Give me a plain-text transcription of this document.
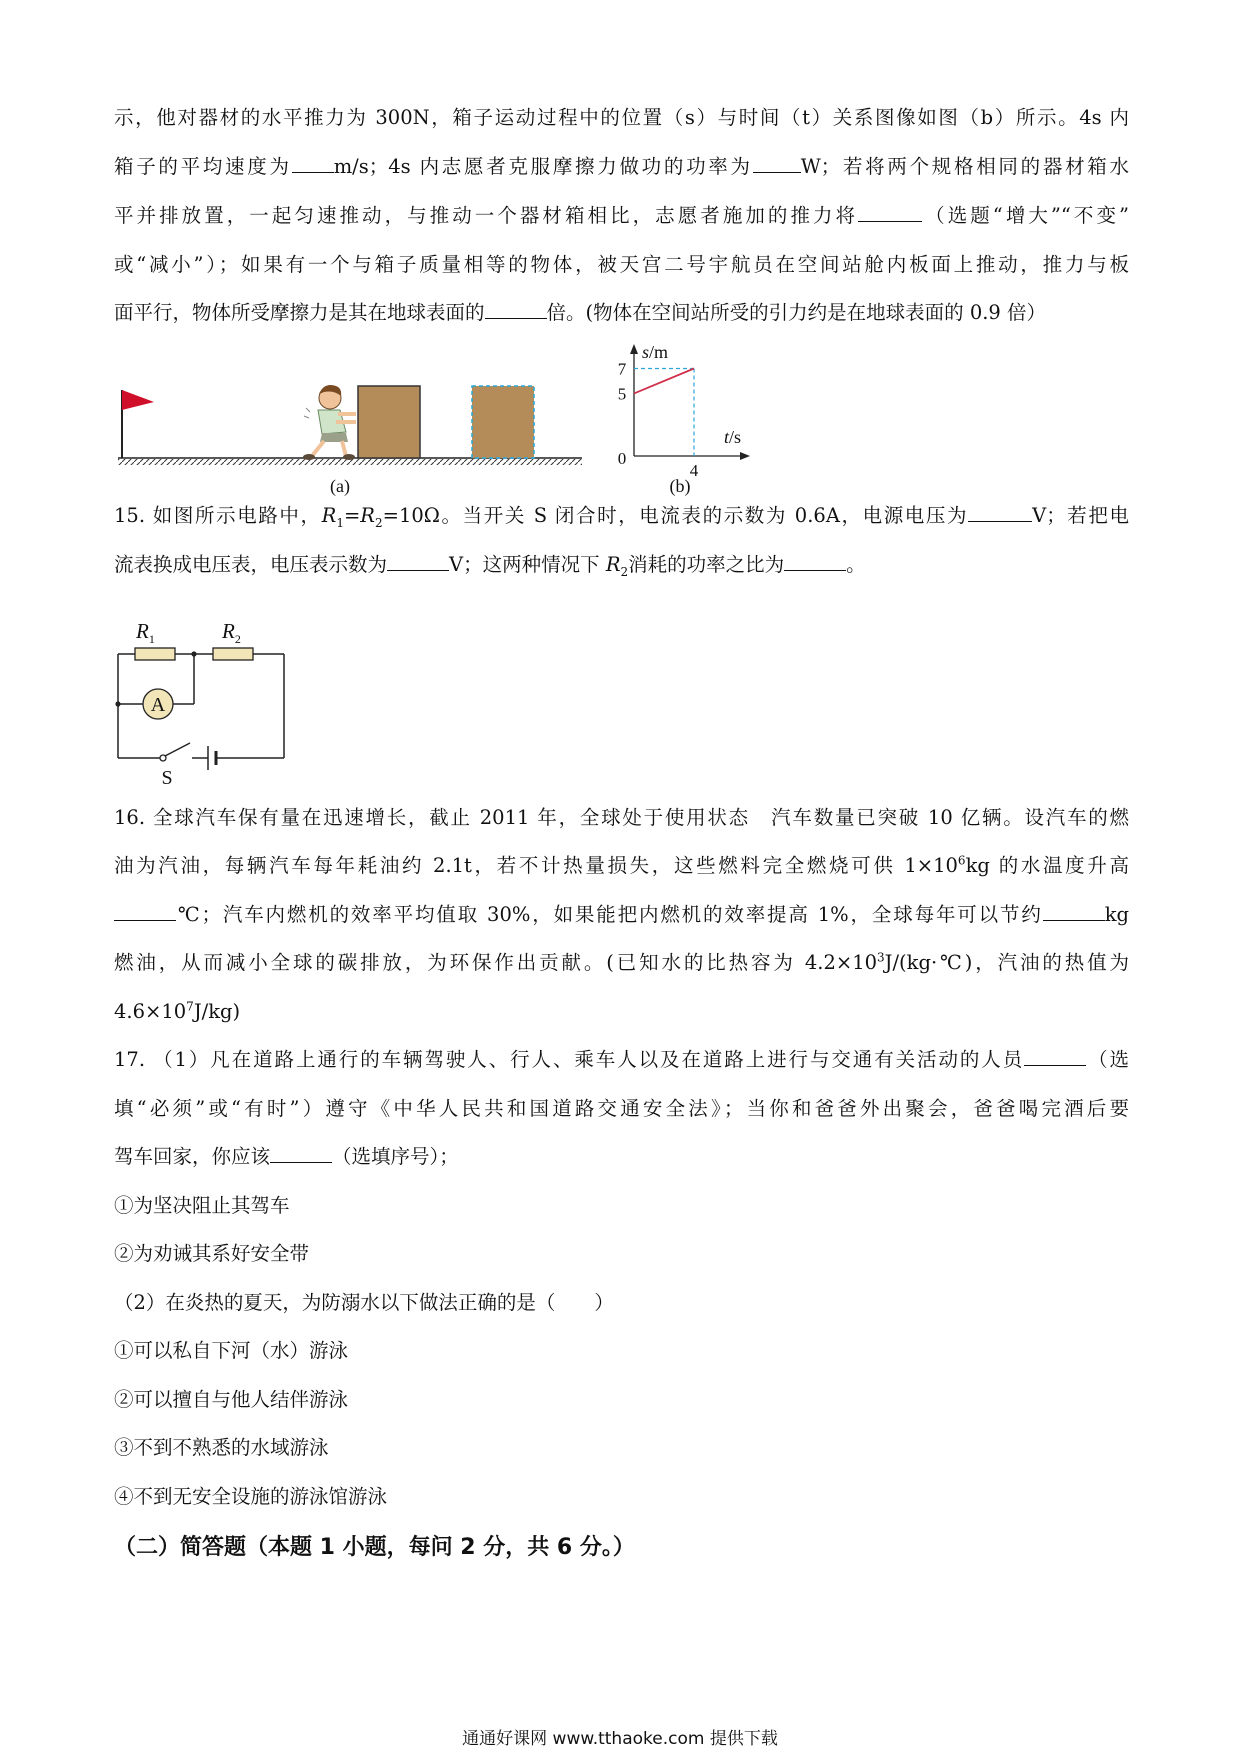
示，他对器材的水平推力为 300N，箱子运动过程中的位置（s）与时间（t）关系图像如图（b）所示。4s 内
箱子的平均速度为 m/s；4s 内志愿者克服摩擦力做功的功率为 W；若将两个规格相同的器材箱水
平并排放置，一起匀速推动，与推动一个器材箱相比，志愿者施加的推力将	（选题“增大”“不变”
或“减小”）；如果有一个与箱子质量相等的物体，被天宫二号宇航员在空间站舱内板面上推动，推力与板
面平行，物体所受摩擦力是其在地球表面的	倍。(物体在空间站所受的引力约是在地球表面的 0.9 倍）
(a)
s/m
t/s
0
5
7
4
(b)
15. 如图所示电路中，$R_1=R_2=10\Omega$。当开关 S 闭合时，电流表的示数为 0.6A，电源电压为	V；若把电
流表换成电压表，电压表示数为	V；这两种情况下 $R_2$消耗的功率之比为	。
A
$R_1$	$R_2$
S
16. 全球汽车保有量在迅速增长，截止 2011 年，全球处于使用状态　汽车数量已突破 10 亿辆。设汽车的燃
油为汽油，每辆汽车每年耗油约 2.1t，若不计热量损失，这些燃料完全燃烧可供 $1\times 10^6kg$ 的水温度升高
℃；汽车内燃机的效率平均值取 30%，如果能把内燃机的效率提高 1%，全球每年可以节约	kg
燃油，从而减小全球的碳排放，为环保作出贡献。(已知水的比热容为 $4.2\times 10^3J/(kg\cdot℃)$，汽油的热值为
$4.6\times 10^7J/kg$)
17. （1）凡在道路上通行的车辆驾驶人、行人、乘车人以及在道路上进行与交通有关活动的人员	（选
填“必须”或“有时”）遵守《中华人民共和国道路交通安全法》；当你和爸爸外出聚会，爸爸喝完酒后要
驾车回家，你应该	（选填序号）；
①为坚决阻止其驾车
②为劝诫其系好安全带
（2）在炎热的夏天，为防溺水以下做法正确的是（　　）
①可以私自下河（水）游泳
②可以擅自与他人结伴游泳
③不到不熟悉的水域游泳
④不到无安全设施的游泳馆游泳
（二）简答题（本题 1 小题，每问 2 分，共 6 分。）
通通好课网 www.tthaoke.com 提供下载
